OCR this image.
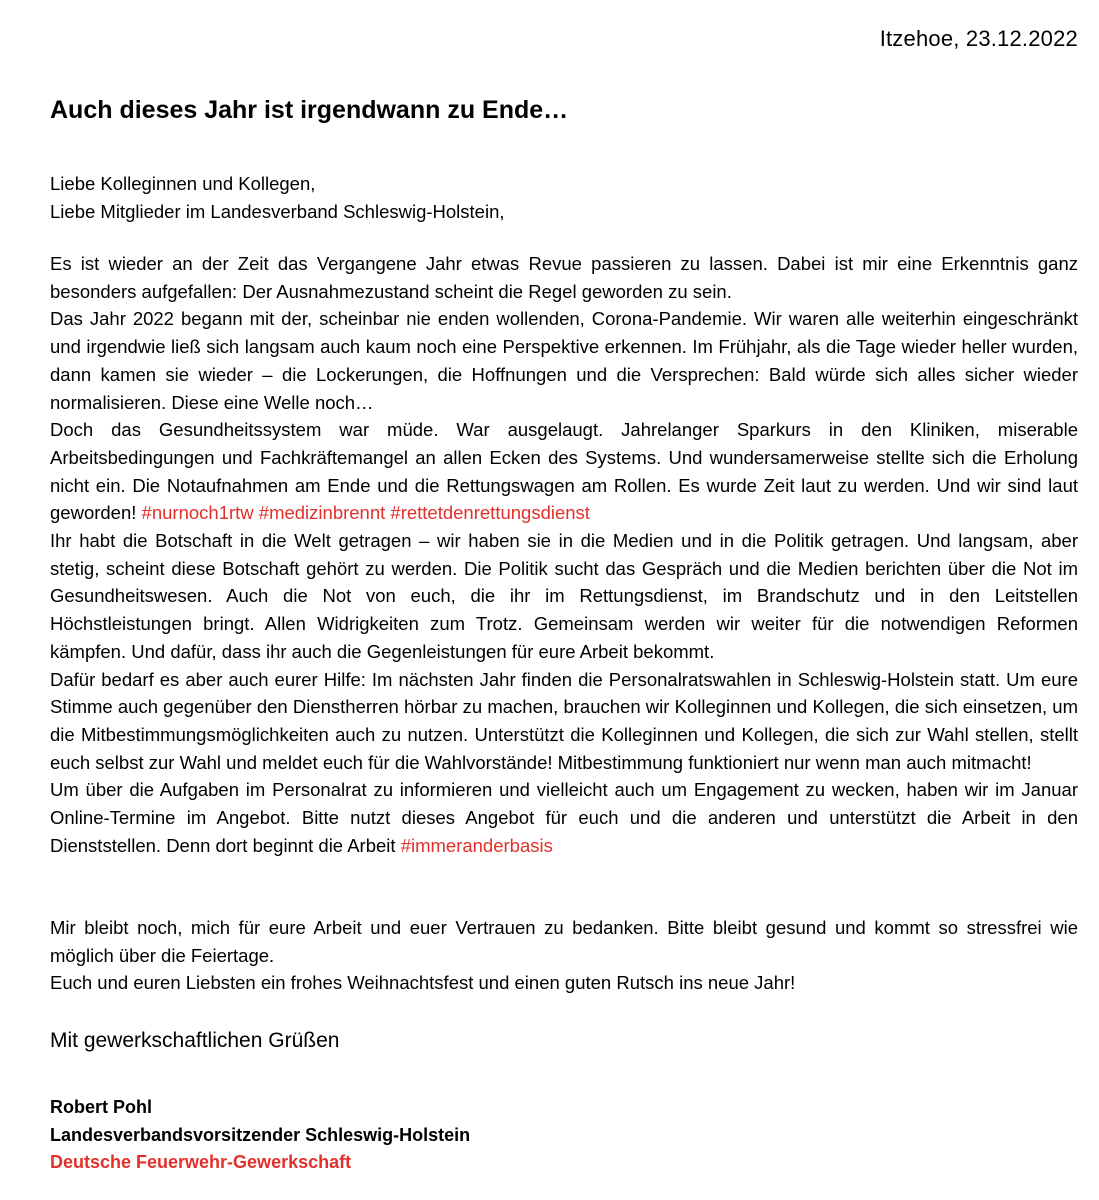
Itzehoe, 23.12.2022
Auch dieses Jahr ist irgendwann zu Ende…
Liebe Kolleginnen und Kollegen,
Liebe Mitglieder im Landesverband Schleswig-Holstein,

Es ist wieder an der Zeit das Vergangene Jahr etwas Revue passieren zu lassen. Dabei ist mir eine Erkenntnis ganz besonders aufgefallen: Der Ausnahmezustand scheint die Regel geworden zu sein.

Das Jahr 2022 begann mit der, scheinbar nie enden wollenden, Corona-Pandemie. Wir waren alle weiterhin eingeschränkt und irgendwie ließ sich langsam auch kaum noch eine Perspektive erkennen. Im Frühjahr, als die Tage wieder heller wurden, dann kamen sie wieder – die Lockerungen, die Hoffnungen und die Versprechen: Bald würde sich alles sicher wieder normalisieren. Diese eine Welle noch…

Doch das Gesundheitssystem war müde. War ausgelaugt. Jahrelanger Sparkurs in den Kliniken, miserable Arbeitsbedingungen und Fachkräftemangel an allen Ecken des Systems. Und wundersamerweise stellte sich die Erholung nicht ein. Die Notaufnahmen am Ende und die Rettungswagen am Rollen. Es wurde Zeit laut zu werden. Und wir sind laut geworden! #nurnoch1rtw #medizinbrennt #rettetdenrettungsdienst

Ihr habt die Botschaft in die Welt getragen – wir haben sie in die Medien und in die Politik getragen. Und langsam, aber stetig, scheint diese Botschaft gehört zu werden. Die Politik sucht das Gespräch und die Medien berichten über die Not im Gesundheitswesen. Auch die Not von euch, die ihr im Rettungsdienst, im Brandschutz und in den Leitstellen Höchstleistungen bringt. Allen Widrigkeiten zum Trotz. Gemeinsam werden wir weiter für die notwendigen Reformen kämpfen. Und dafür, dass ihr auch die Gegenleistungen für eure Arbeit bekommt.

Dafür bedarf es aber auch eurer Hilfe: Im nächsten Jahr finden die Personalratswahlen in Schleswig-Holstein statt. Um eure Stimme auch gegenüber den Dienstherren hörbar zu machen, brauchen wir Kolleginnen und Kollegen, die sich einsetzen, um die Mitbestimmungsmöglichkeiten auch zu nutzen. Unterstützt die Kolleginnen und Kollegen, die sich zur Wahl stellen, stellt euch selbst zur Wahl und meldet euch für die Wahlvorstände! Mitbestimmung funktioniert nur wenn man auch mitmacht!

Um über die Aufgaben im Personalrat zu informieren und vielleicht auch um Engagement zu wecken, haben wir im Januar Online-Termine im Angebot. Bitte nutzt dieses Angebot für euch und die anderen und unterstützt die Arbeit in den Dienststellen. Denn dort beginnt die Arbeit #immeranderbasis

Mir bleibt noch, mich für eure Arbeit und euer Vertrauen zu bedanken. Bitte bleibt gesund und kommt so stressfrei wie möglich über die Feiertage.

Euch und euren Liebsten ein frohes Weihnachtsfest und einen guten Rutsch ins neue Jahr!

Mit gewerkschaftlichen Grüßen
Robert Pohl
Landesverbandsvorsitzender Schleswig-Holstein
Deutsche Feuerwehr-Gewerkschaft
